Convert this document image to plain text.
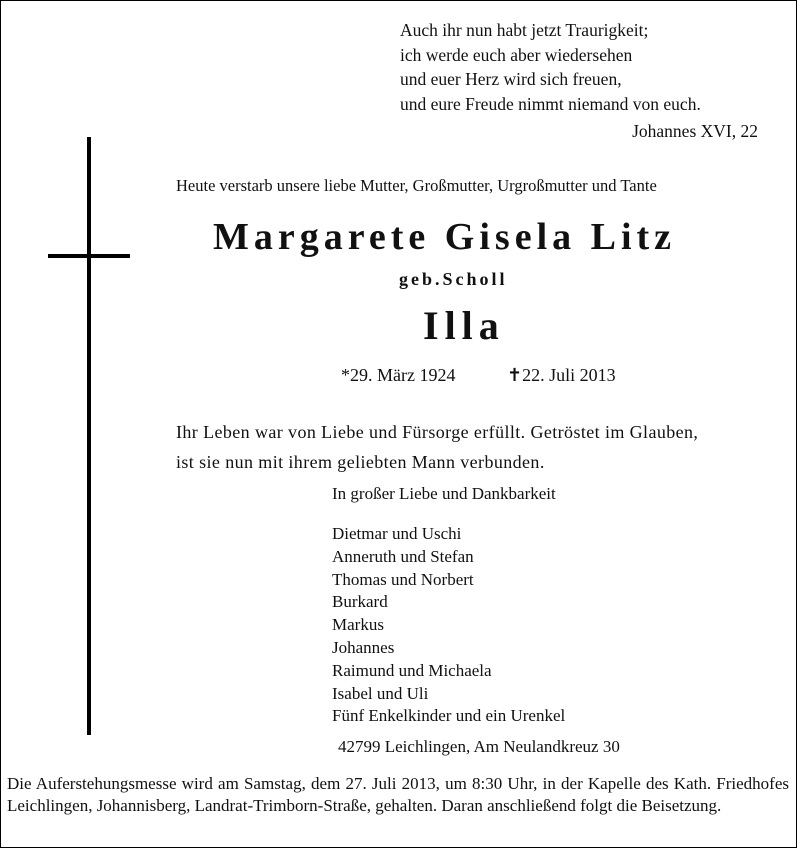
Auch ihr nun habt jetzt Traurigkeit;
ich werde euch aber wiedersehen
und euer Herz wird sich freuen,
und eure Freude nimmt niemand von euch.
Johannes XVI, 22
Heute verstarb unsere liebe Mutter, Großmutter, Urgroßmutter und Tante
Margarete Gisela Litz
geb.Scholl
Illa
*29. März 1924	✝22. Juli 2013
Ihr Leben war von Liebe und Fürsorge erfüllt. Getröstet im Glauben,
ist sie nun mit ihrem geliebten Mann verbunden.
In großer Liebe und Dankbarkeit
Dietmar und Uschi
Anneruth und Stefan
Thomas und Norbert
Burkard
Markus
Johannes
Raimund und Michaela
Isabel und Uli
Fünf Enkelkinder und ein Urenkel
42799 Leichlingen, Am Neulandkreuz 30
Die Auferstehungsmesse wird am Samstag, dem 27. Juli 2013, um 8:30 Uhr, in der Kapelle des Kath. Friedhofes Leichlingen, Johannisberg, Landrat-Trimborn-Straße, gehalten. Daran anschließend folgt die Beisetzung.
